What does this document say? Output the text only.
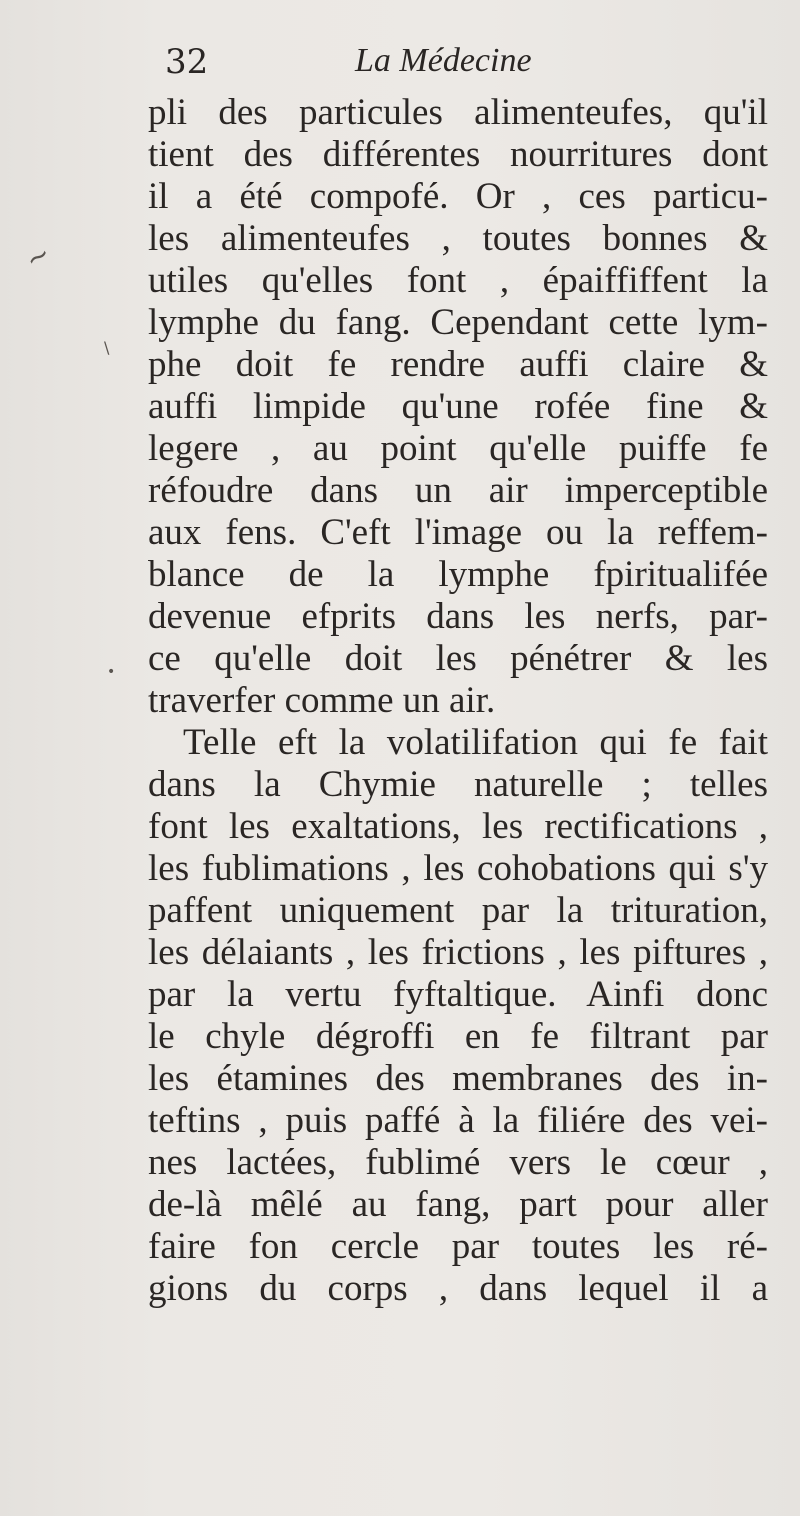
~
\
•
32	La Médecine
pli des particules alimenteufes, qu'il
tient des différentes nourritures dont
il a été compofé. Or , ces particu-
les alimenteufes , toutes bonnes &
utiles qu'elles font , épaiffiffent la
lymphe du fang. Cependant cette lym-
phe doit fe rendre auffi claire &
auffi limpide qu'une rofée fine &
legere , au point qu'elle puiffe fe
réfoudre dans un air imperceptible
aux fens. C'eft l'image ou la reffem-
blance de la lymphe fpiritualifée
devenue efprits dans les nerfs, par-
ce qu'elle doit les pénétrer & les
traverfer comme un air.
Telle eft la volatilifation qui fe fait
dans la Chymie naturelle ; telles
font les exaltations, les rectifications ,
les fublimations , les cohobations qui s'y
paffent uniquement par la trituration,
les délaiants , les frictions , les piftures ,
par la vertu fyftaltique. Ainfi donc
le chyle dégroffi en fe filtrant par
les étamines des membranes des in-
teftins , puis paffé à la filiére des vei-
nes lactées, fublimé vers le cœur ,
de-là mêlé au fang, part pour aller
faire fon cercle par toutes les ré-
gions du corps , dans lequel il a
